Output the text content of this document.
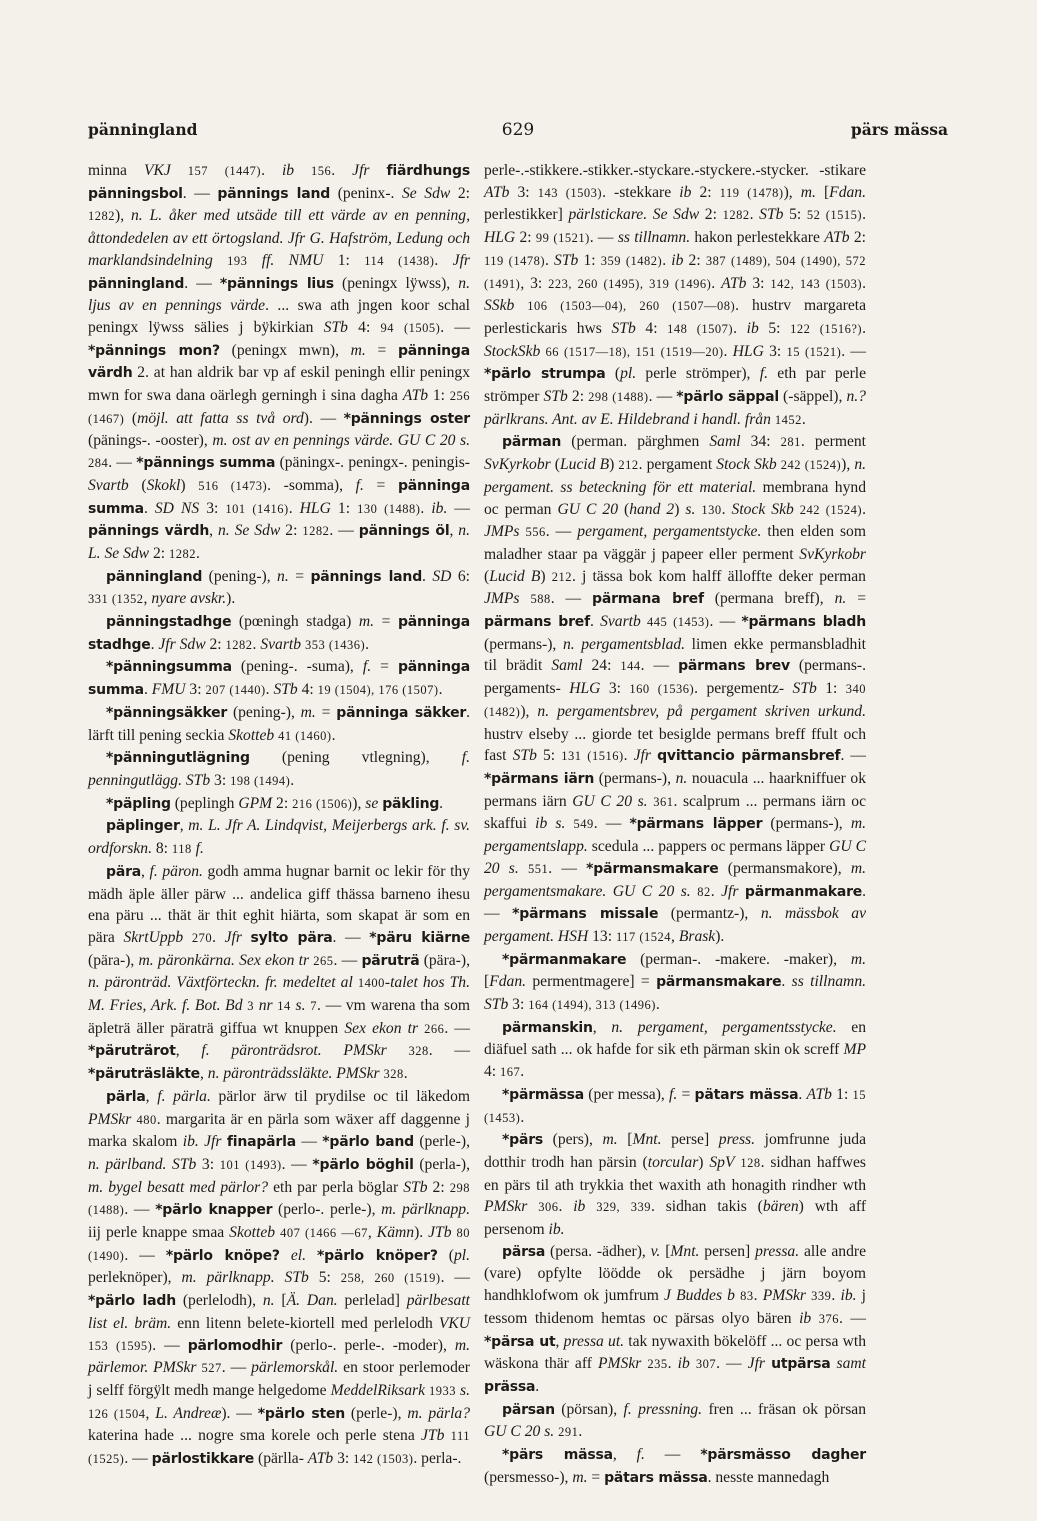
629
pänningland	pärs mässa

minna VKJ 157 (1447). ib 156. Jfr fiärdhungs pänningsbol. — pännings land (peninx-. Se Sdw 2: 1282), n. L. åker med utsäde till ett värde av en penning, åttondedelen av ett örtogsland. Jfr G. Hafström, Ledung och marklandsindelning 193 ff. NMU 1: 114 (1438). Jfr pänningland. — *pännings lius (peningx lÿwss), n. ljus av en pennings värde. ... swa ath jngen koor schal peningx lÿwss sälies j bÿkirkian STb 4: 94 (1505). — *pännings mon? (peningx mwn), m. = pänninga värdh 2. at han aldrik bar vp af eskil peningh ellir peningx mwn for swa dana oärlegh gerningh i sina dagha ATb 1: 256 (1467) (möjl. att fatta ss två ord). — *pännings oster (pänings-. -ooster), m. ost av en pennings värde. GU C 20 s. 284. — *pännings summa (päningx-. peningx-. peningis- Svartb (Skokl) 516 (1473). -somma), f. = pänninga summa. SD NS 3: 101 (1416). HLG 1: 130 (1488). ib. — pännings värdh, n. Se Sdw 2: 1282. — pännings öl, n. L. Se Sdw 2: 1282.

pänningland (pening-), n. = pännings land. SD 6: 331 (1352, nyare avskr.).

pänningstadhge (pœningh stadga) m. = pänninga stadhge. Jfr Sdw 2: 1282. Svartb 353 (1436).

*pänningsumma (pening-. -suma), f. = pänninga summa. FMU 3: 207 (1440). STb 4: 19 (1504), 176 (1507).

*pänningsäkker (pening-), m. = pänninga säkker. lärft till pening seckia Skotteb 41 (1460).

*pänningutlägning (pening vtlegning), f. penningutlägg. STb 3: 198 (1494).

*päpling (peplingh GPM 2: 216 (1506)), se päkling.

päplinger, m. L. Jfr A. Lindqvist, Meijerbergs ark. f. sv. ordforskn. 8: 118 f.

pära, f. päron. godh amma hugnar barnit oc lekir för thy mädh äple äller pärw ... andelica giff thässa barneno ihesu ena päru ... thät är thit eghit hiärta, som skapat är som en pära SkrtUppb 270. Jfr sylto pära. — *päru kiärne (pära-), m. päronkärna. Sex ekon tr 265. — päruträ (pära-), n. päronträd. Växtförteckn. fr. medeltet al 1400-talet hos Th. M. Fries, Ark. f. Bot. Bd 3 nr 14 s. 7. — vm warena tha som äpleträ äller päraträ giffua wt knuppen Sex ekon tr 266. — *päruträrot, f. päronträdsrot. PMSkr 328. — *päruträsläkte, n. päronträdssläkte. PMSkr 328.

pärla, f. pärla. pärlor ärw til prydilse oc til läkedom PMSkr 480. margarita är en pärla som wäxer aff daggenne j marka skalom ib. Jfr finapärla — *pärlo band (perle-), n. pärlband. STb 3: 101 (1493). — *pärlo böghil (perla-), m. bygel besatt med pärlor? eth par perla böglar STb 2: 298 (1488). — *pärlo knapper (perlo-. perle-), m. pärlknapp. iij perle knappe smaa Skotteb 407 (1466 —67, Kämn). JTb 80 (1490). — *pärlo knöpe? el. *pärlo knöper? (pl. perleknöper), m. pärlknapp. STb 5: 258, 260 (1519). — *pärlo ladh (perlelodh), n. [Ä. Dan. perlelad] pärlbesatt list el. bräm. enn litenn belete-kiortell med perlelodh VKU 153 (1595). — pärlomodhir (perlo-. perle-. -moder), m. pärlemor. PMSkr 527. — pärlemorskål. en stoor perlemoder j selff förgÿlt medh mange helgedome MeddelRiksark 1933 s. 126 (1504, L. Andreæ). — *pärlo sten (perle-), m. pärla? katerina hade ... nogre sma korele och perle stena JTb 111 (1525). — pärlostikkare (pärlla- ATb 3: 142 (1503). perla-.

perle-.-stikkere.-stikker.-styckare.-styckere.-stycker. -stikare ATb 3: 143 (1503). -stekkare ib 2: 119 (1478)), m. [Fdan. perlestikker] pärlstickare. Se Sdw 2: 1282. STb 5: 52 (1515). HLG 2: 99 (1521). — ss tillnamn. hakon perlestekkare ATb 2: 119 (1478). STb 1: 359 (1482). ib 2: 387 (1489), 504 (1490), 572 (1491), 3: 223, 260 (1495), 319 (1496). ATb 3: 142, 143 (1503). SSkb 106 (1503—04), 260 (1507—08). hustrv margareta perlestickaris hws STb 4: 148 (1507). ib 5: 122 (1516?). StockSkb 66 (1517—18), 151 (1519—20). HLG 3: 15 (1521). — *pärlo strumpa (pl. perle strömper), f. eth par perle strömper STb 2: 298 (1488). — *pärlo säppal (-säppel), n.? pärlkrans. Ant. av E. Hildebrand i handl. från 1452.

pärman (perman. pärghmen Saml 34: 281. perment SvKyrkobr (Lucid B) 212. pergament Stock Skb 242 (1524)), n. pergament. ss beteckning för ett material. membrana hynd oc perman GU C 20 (hand 2) s. 130. Stock Skb 242 (1524). JMPs 556. — pergament, pergamentstycke. then elden som maladher staar pa väggär j papeer eller perment SvKyrkobr (Lucid B) 212. j tässa bok kom halff älloffte deker perman JMPs 588. — pärmana bref (permana breff), n. = pärmans bref. Svartb 445 (1453). — *pärmans bladh (permans-), n. pergamentsblad. limen ekke permansbladhit til brädit Saml 24: 144. — pärmans brev (permans-. pergaments- HLG 3: 160 (1536). pergementz- STb 1: 340 (1482)), n. pergamentsbrev, på pergament skriven urkund. hustrv elseby ... giorde tet besiglde permans breff ffult och fast STb 5: 131 (1516). Jfr qvittancio pärmansbref. — *pärmans iärn (permans-), n. nouacula ... haarkniffuer ok permans iärn GU C 20 s. 361. scalprum ... permans iärn oc skaffui ib s. 549. — *pärmans läpper (permans-), m. pergamentslapp. scedula ... pappers oc permans läpper GU C 20 s. 551. — *pärmansmakare (permansmakore), m. pergamentsmakare. GU C 20 s. 82. Jfr pärmanmakare. — *pärmans missale (permantz-), n. mässbok av pergament. HSH 13: 117 (1524, Brask).

*pärmanmakare (perman-. -makere. -maker), m. [Fdan. permentmagere] = pärmansmakare. ss tillnamn. STb 3: 164 (1494), 313 (1496).

pärmanskin, n. pergament, pergamentsstycke. en diäfuel sath ... ok hafde for sik eth pärman skin ok screff MP 4: 167.

*pärmässa (per messa), f. = pätars mässa. ATb 1: 15 (1453).

*pärs (pers), m. [Mnt. perse] press. jomfrunne juda dotthir trodh han pärsin (torcular) SpV 128. sidhan haffwes en pärs til ath trykkia thet waxith ath honagith rindher wth PMSkr 306. ib 329, 339. sidhan takis (bären) wth aff persenom ib.

pärsa (persa. -ädher), v. [Mnt. persen] pressa. alle andre (vare) opfylte löödde ok persädhe j järn boyom handhklofwom ok jumfrum J Buddes b 83. PMSkr 339. ib. j tessom thidenom hemtas oc pärsas olyo bären ib 376. — *pärsa ut, pressa ut. tak nywaxith bökelöff ... oc persa wth wäskona thär aff PMSkr 235. ib 307. — Jfr utpärsa samt prässa.

pärsan (pörsan), f. pressning. fren ... fräsan ok pörsan GU C 20 s. 291.

*pärs mässa, f. — *pärsmässo dagher (persmesso-), m. = pätars mässa. nesste mannedagh
